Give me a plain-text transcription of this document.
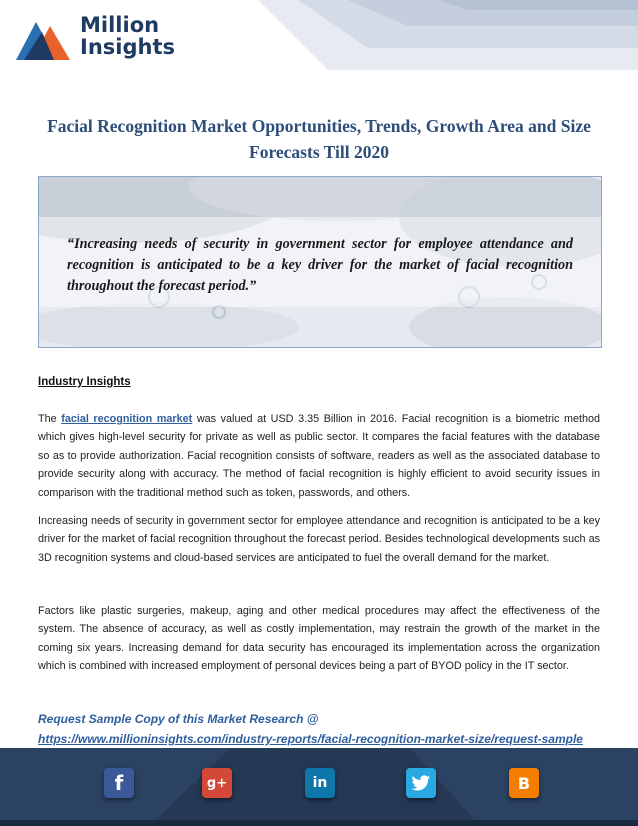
Million
Insights
Facial Recognition Market Opportunities, Trends, Growth Area and Size Forecasts Till 2020
“Increasing needs of security in government sector for employee attendance and recognition is anticipated to be a key driver for the market of facial recognition throughout the forecast period.”
Industry Insights

The facial recognition market was valued at USD 3.35 Billion in 2016. Facial recognition is a biometric method which gives high-level security for private as well as public sector. It compares the facial features with the database so as to provide authorization. Facial recognition consists of software, readers as well as the associated database to provide security along with accuracy. The method of facial recognition is highly efficient to avoid security issues in comparison with the traditional method such as token, passwords, and others.

Increasing needs of security in government sector for employee attendance and recognition is anticipated to be a key driver for the market of facial recognition throughout the forecast period. Besides technological developments such as 3D recognition systems and cloud-based services are anticipated to fuel the overall demand for the market.

Factors like plastic surgeries, makeup, aging and other medical procedures may affect the effectiveness of the system. The absence of accuracy, as well as costly implementation, may restrain the growth of the market in the coming six years. Increasing demand for data security has encouraged its implementation across the organization which is combined with increased employment of personal devices being a part of BYOD policy in the IT sector.

Request Sample Copy of this Market Research @
https://www.millioninsights.com/industry-reports/facial-recognition-market-size/request-sample
f	g+	in	B
